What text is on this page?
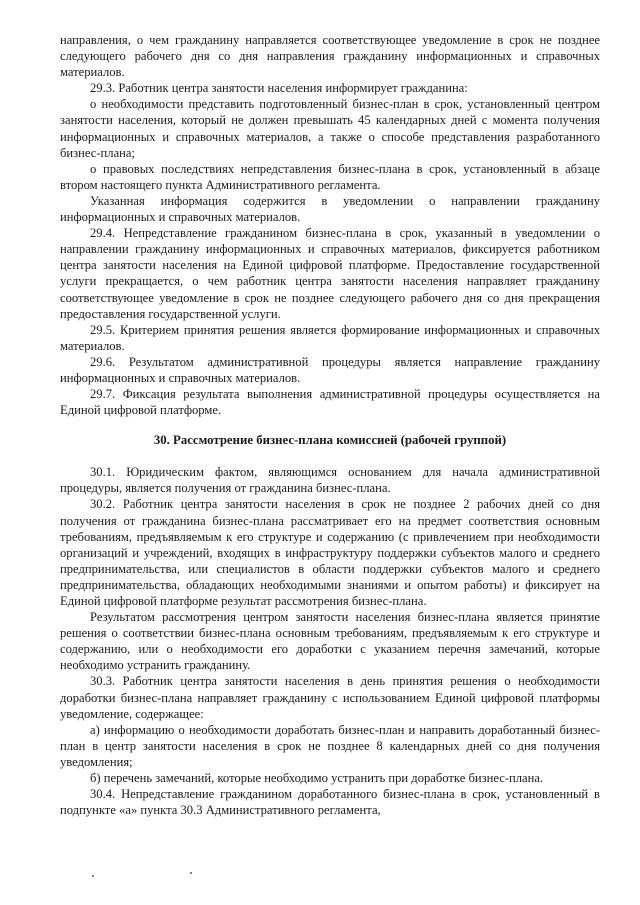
направления, о чем гражданину направляется соответствующее уведомление в срок не позднее следующего рабочего дня со дня направления гражданину информационных и справочных материалов.

29.3. Работник центра занятости населения информирует гражданина:

о необходимости представить подготовленный бизнес-план в срок, установленный центром занятости населения, который не должен превышать 45 календарных дней с момента получения информационных и справочных материалов, а также о способе представления разработанного бизнес-плана;

о правовых последствиях непредставления бизнес-плана в срок, установленный в абзаце втором настоящего пункта Административного регламента.

Указанная информация содержится в уведомлении о направлении гражданину информационных и справочных материалов.

29.4. Непредставление гражданином бизнес-плана в срок, указанный в уведомлении о направлении гражданину информационных и справочных материалов, фиксируется работником центра занятости населения на Единой цифровой платформе. Предоставление государственной услуги прекращается, о чем работник центра занятости населения направляет гражданину соответствующее уведомление в срок не позднее следующего рабочего дня со дня прекращения предоставления государственной услуги.

29.5. Критерием принятия решения является формирование информационных и справочных материалов.

29.6. Результатом административной процедуры является направление гражданину информационных и справочных материалов.

29.7. Фиксация результата выполнения административной процедуры осуществляется на Единой цифровой платформе.

30. Рассмотрение бизнес-плана комиссией (рабочей группой)

30.1. Юридическим фактом, являющимся основанием для начала административной процедуры, является получения от гражданина бизнес-плана.

30.2. Работник центра занятости населения в срок не позднее 2 рабочих дней со дня получения от гражданина бизнес-плана рассматривает его на предмет соответствия основным требованиям, предъявляемым к его структуре и содержанию (с привлечением при необходимости организаций и учреждений, входящих в инфраструктуру поддержки субъектов малого и среднего предпринимательства, или специалистов в области поддержки субъектов малого и среднего предпринимательства, обладающих необходимыми знаниями и опытом работы) и фиксирует на Единой цифровой платформе результат рассмотрения бизнес-плана.

Результатом рассмотрения центром занятости населения бизнес-плана является принятие решения о соответствии бизнес-плана основным требованиям, предъявляемым к его структуре и содержанию, или о необходимости его доработки с указанием перечня замечаний, которые необходимо устранить гражданину.

30.3. Работник центра занятости населения в день принятия решения о необходимости доработки бизнес-плана направляет гражданину с использованием Единой цифровой платформы уведомление, содержащее:

а) информацию о необходимости доработать бизнес-план и направить доработанный бизнес-план в центр занятости населения в срок не позднее 8 календарных дней со дня получения уведомления;

б) перечень замечаний, которые необходимо устранить при доработке бизнес-плана.

30.4. Непредставление гражданином доработанного бизнес-плана в срок, установленный в подпункте «а» пункта 30.3 Административного регламента,
